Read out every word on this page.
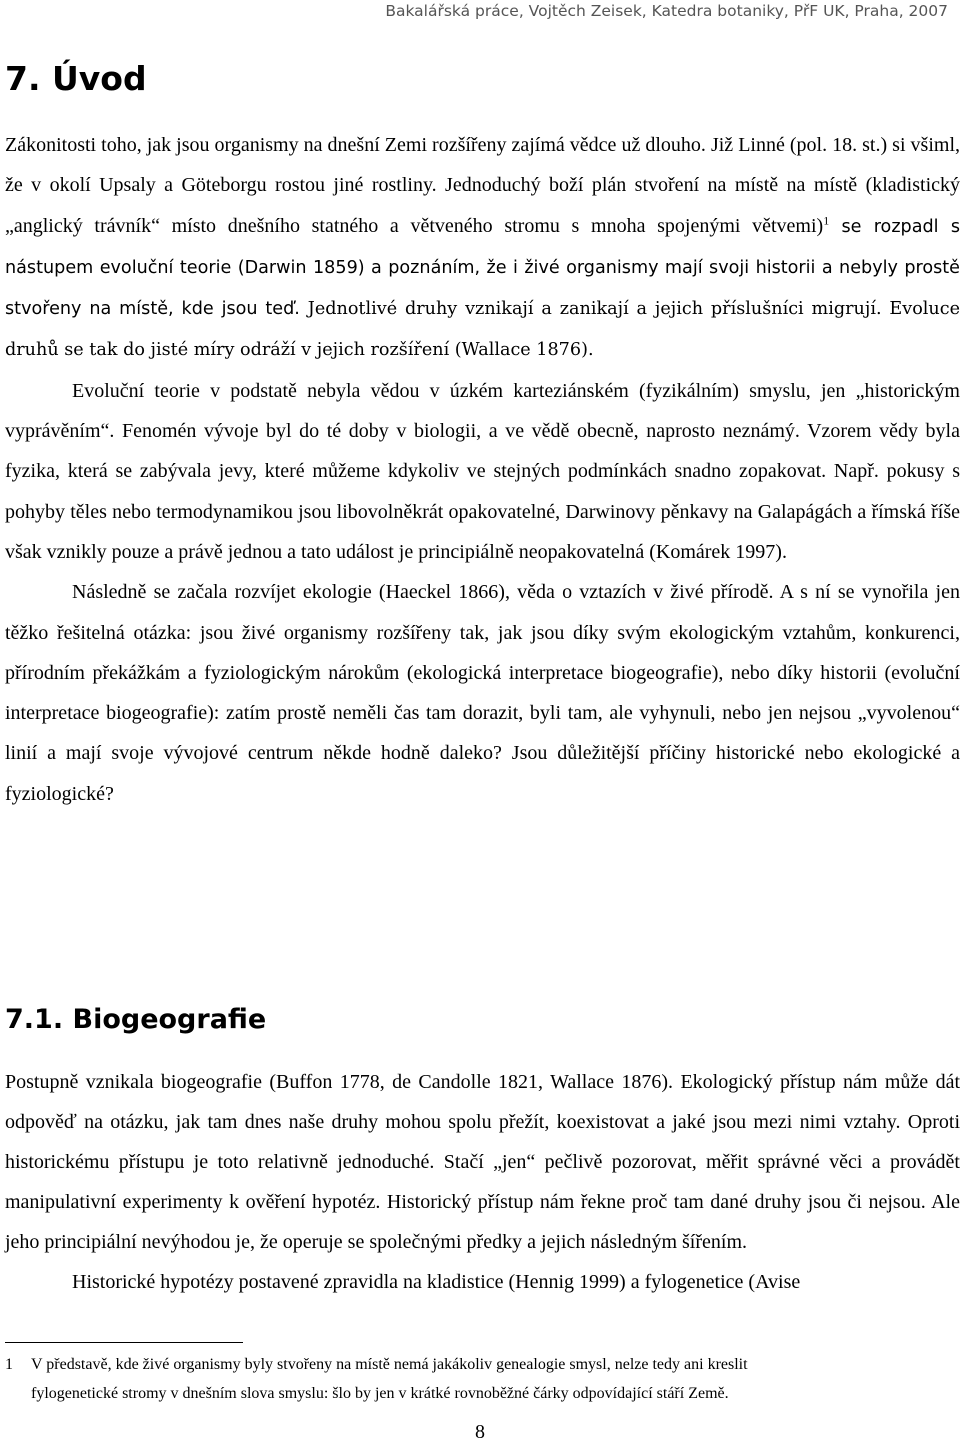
Bakalářská práce, Vojtěch Zeisek, Katedra botaniky, PřF UK, Praha, 2007
7. Úvod

Zákonitosti toho, jak jsou organismy na dnešní Zemi rozšířeny zajímá vědce už dlouho. Již Linné (pol. 18. st.) si všiml, že v okolí Upsaly a Göteborgu rostou jiné rostliny. Jednoduchý boží plán stvoření na místě na místě (kladistický „anglický trávník“ místo dnešního statného a větveného stromu s mnoha spojenými větvemi)$^1$ se rozpadl s nástupem evoluční teorie (Darwin 1859) a poznáním, že i živé organismy mají svoji historii a nebyly prostě stvořeny na místě, kde jsou teď. Jednotlivé druhy vznikají a zanikají a jejich příslušníci migrují. Evoluce druhů se tak do jisté míry odráží v jejich rozšíření (Wallace 1876).

Evoluční teorie v podstatě nebyla vědou v úzkém karteziánském (fyzikálním) smyslu, jen „historickým vyprávěním“. Fenomén vývoje byl do té doby v biologii, a ve vědě obecně, naprosto neznámý. Vzorem vědy byla fyzika, která se zabývala jevy, které můžeme kdykoliv ve stejných podmínkách snadno zopakovat. Např. pokusy s pohyby těles nebo termodynamikou jsou libovolněkrát opakovatelné, Darwinovy pěnkavy na Galapágách a římská říše však vznikly pouze a právě jednou a tato událost je principiálně neopakovatelná (Komárek 1997).

Následně se začala rozvíjet ekologie (Haeckel 1866), věda o vztazích v živé přírodě. A s ní se vynořila jen těžko řešitelná otázka: jsou živé organismy rozšířeny tak, jak jsou díky svým ekologickým vztahům, konkurenci, přírodním překážkám a fyziologickým nárokům (ekologická interpretace biogeografie), nebo díky historii (evoluční interpretace biogeografie): zatím prostě neměli čas tam dorazit, byli tam, ale vyhynuli, nebo jen nejsou „vyvolenou“ linií a mají svoje vývojové centrum někde hodně daleko? Jsou důležitější příčiny historické nebo ekologické a fyziologické?

7.1. Biogeografie

Postupně vznikala biogeografie (Buffon 1778, de Candolle 1821, Wallace 1876). Ekologický přístup nám může dát odpověď na otázku, jak tam dnes naše druhy mohou spolu přežít, koexistovat a jaké jsou mezi nimi vztahy. Oproti historickému přístupu je toto relativně jednoduché. Stačí „jen“ pečlivě pozorovat, měřit správné věci a provádět manipulativní experimenty k ověření hypotéz. Historický přístup nám řekne proč tam dané druhy jsou či nejsou. Ale jeho principiální nevýhodou je, že operuje se společnými předky a jejich následným šířením.

Historické hypotézy postavené zpravidla na kladistice (Hennig 1999) a fylogenetice (Avise

1 V představě, kde živé organismy byly stvořeny na místě nemá jakákoliv genealogie smysl, nelze tedy ani kreslit
fylogenetické stromy v dnešním slova smyslu: šlo by jen v krátké rovnoběžné čárky odpovídající stáří Země.
8
